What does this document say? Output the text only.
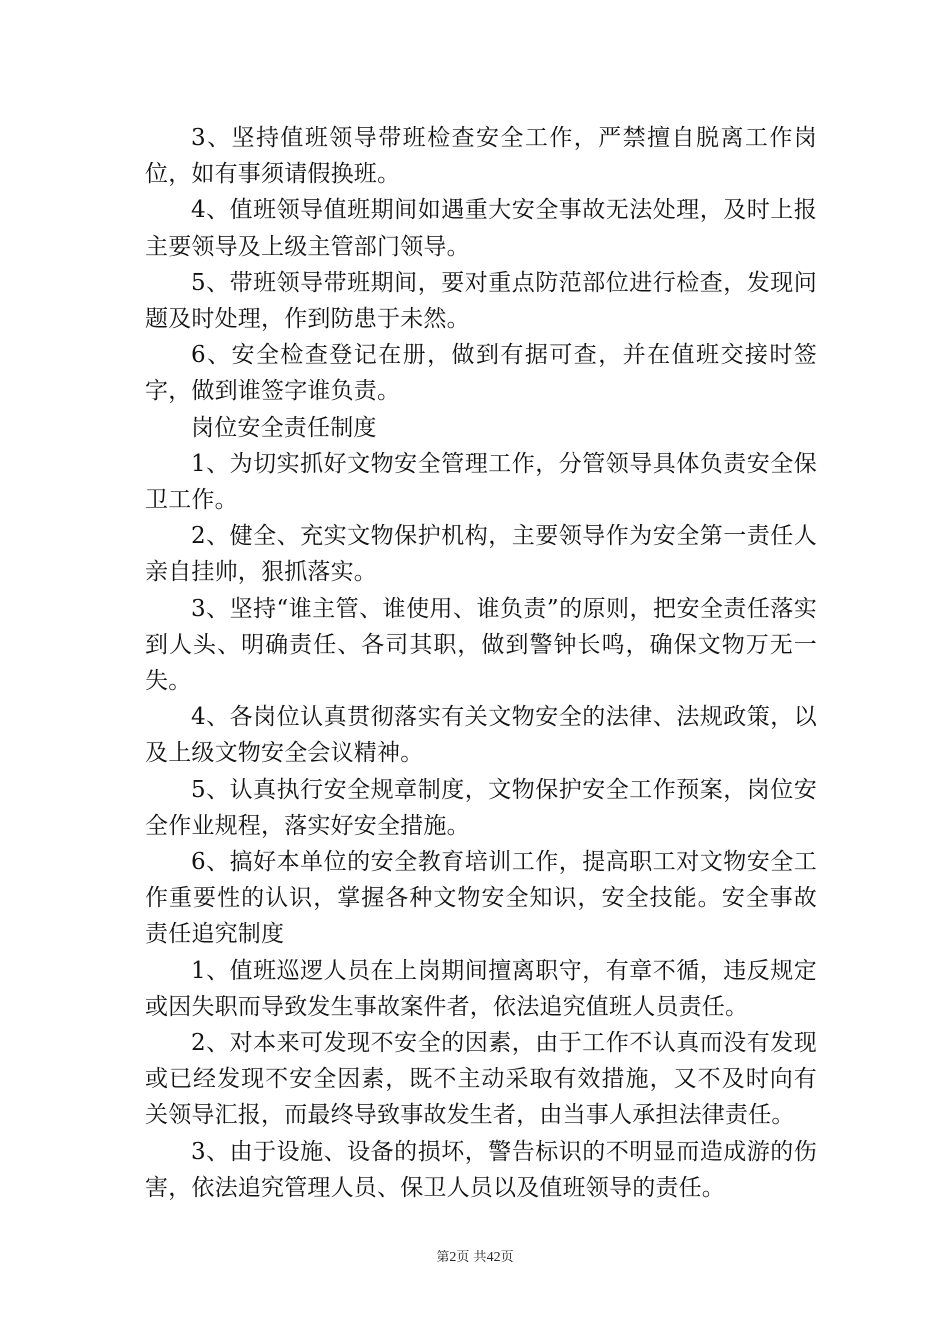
3、坚持值班领导带班检查安全工作，严禁擅自脱离工作岗位，如有事须请假换班。

4、值班领导值班期间如遇重大安全事故无法处理，及时上报主要领导及上级主管部门领导。

5、带班领导带班期间，要对重点防范部位进行检查，发现问题及时处理，作到防患于未然。

6、安全检查登记在册，做到有据可查，并在值班交接时签字，做到谁签字谁负责。

岗位安全责任制度

1、为切实抓好文物安全管理工作，分管领导具体负责安全保卫工作。

2、健全、充实文物保护机构，主要领导作为安全第一责任人亲自挂帅，狠抓落实。

3、坚持“谁主管、谁使用、谁负责”的原则，把安全责任落实到人头、明确责任、各司其职，做到警钟长鸣，确保文物万无一失。

4、各岗位认真贯彻落实有关文物安全的法律、法规政策，以及上级文物安全会议精神。

5、认真执行安全规章制度，文物保护安全工作预案，岗位安全作业规程，落实好安全措施。

6、搞好本单位的安全教育培训工作，提高职工对文物安全工作重要性的认识，掌握各种文物安全知识，安全技能。安全事故责任追究制度

1、值班巡逻人员在上岗期间擅离职守，有章不循，违反规定或因失职而导致发生事故案件者，依法追究值班人员责任。

2、对本来可发现不安全的因素，由于工作不认真而没有发现或已经发现不安全因素，既不主动采取有效措施，又不及时向有关领导汇报，而最终导致事故发生者，由当事人承担法律责任。

3、由于设施、设备的损坏，警告标识的不明显而造成游的伤害，依法追究管理人员、保卫人员以及值班领导的责任。

第2页 共42页
